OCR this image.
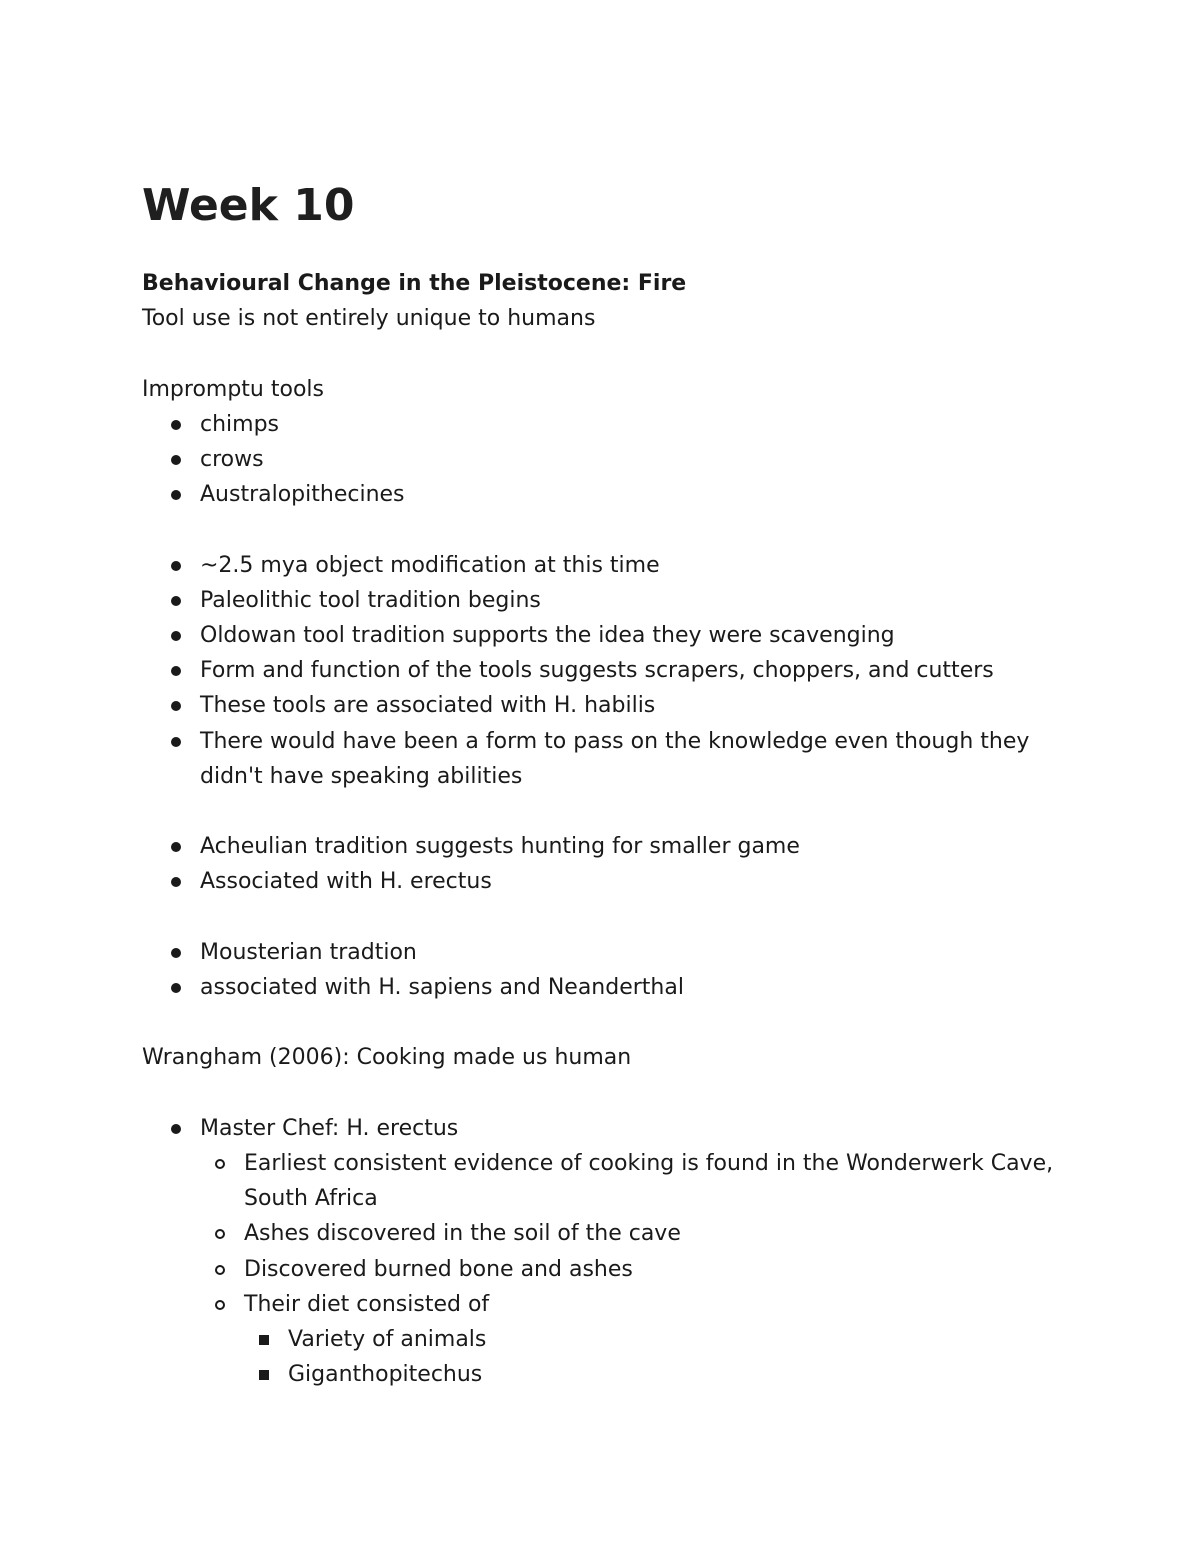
Week 10

Behavioural Change in the Pleistocene: Fire

Tool use is not entirely unique to humans

Impromptu tools

chimps
crows
Australopithecines
~2.5 mya object modification at this time
Paleolithic tool tradition begins
Oldowan tool tradition supports the idea they were scavenging
Form and function of the tools suggests scrapers, choppers, and cutters
These tools are associated with H. habilis
There would have been a form to pass on the knowledge even though they didn't have speaking abilities
Acheulian tradition suggests hunting for smaller game
Associated with H. erectus
Mousterian tradtion
associated with H. sapiens and Neanderthal

Wrangham (2006): Cooking made us human

Master Chef: H. erectus
Earliest consistent evidence of cooking is found in the Wonderwerk Cave, South Africa
Ashes discovered in the soil of the cave
Discovered burned bone and ashes
Their diet consisted of
Variety of animals
Giganthopitechus
